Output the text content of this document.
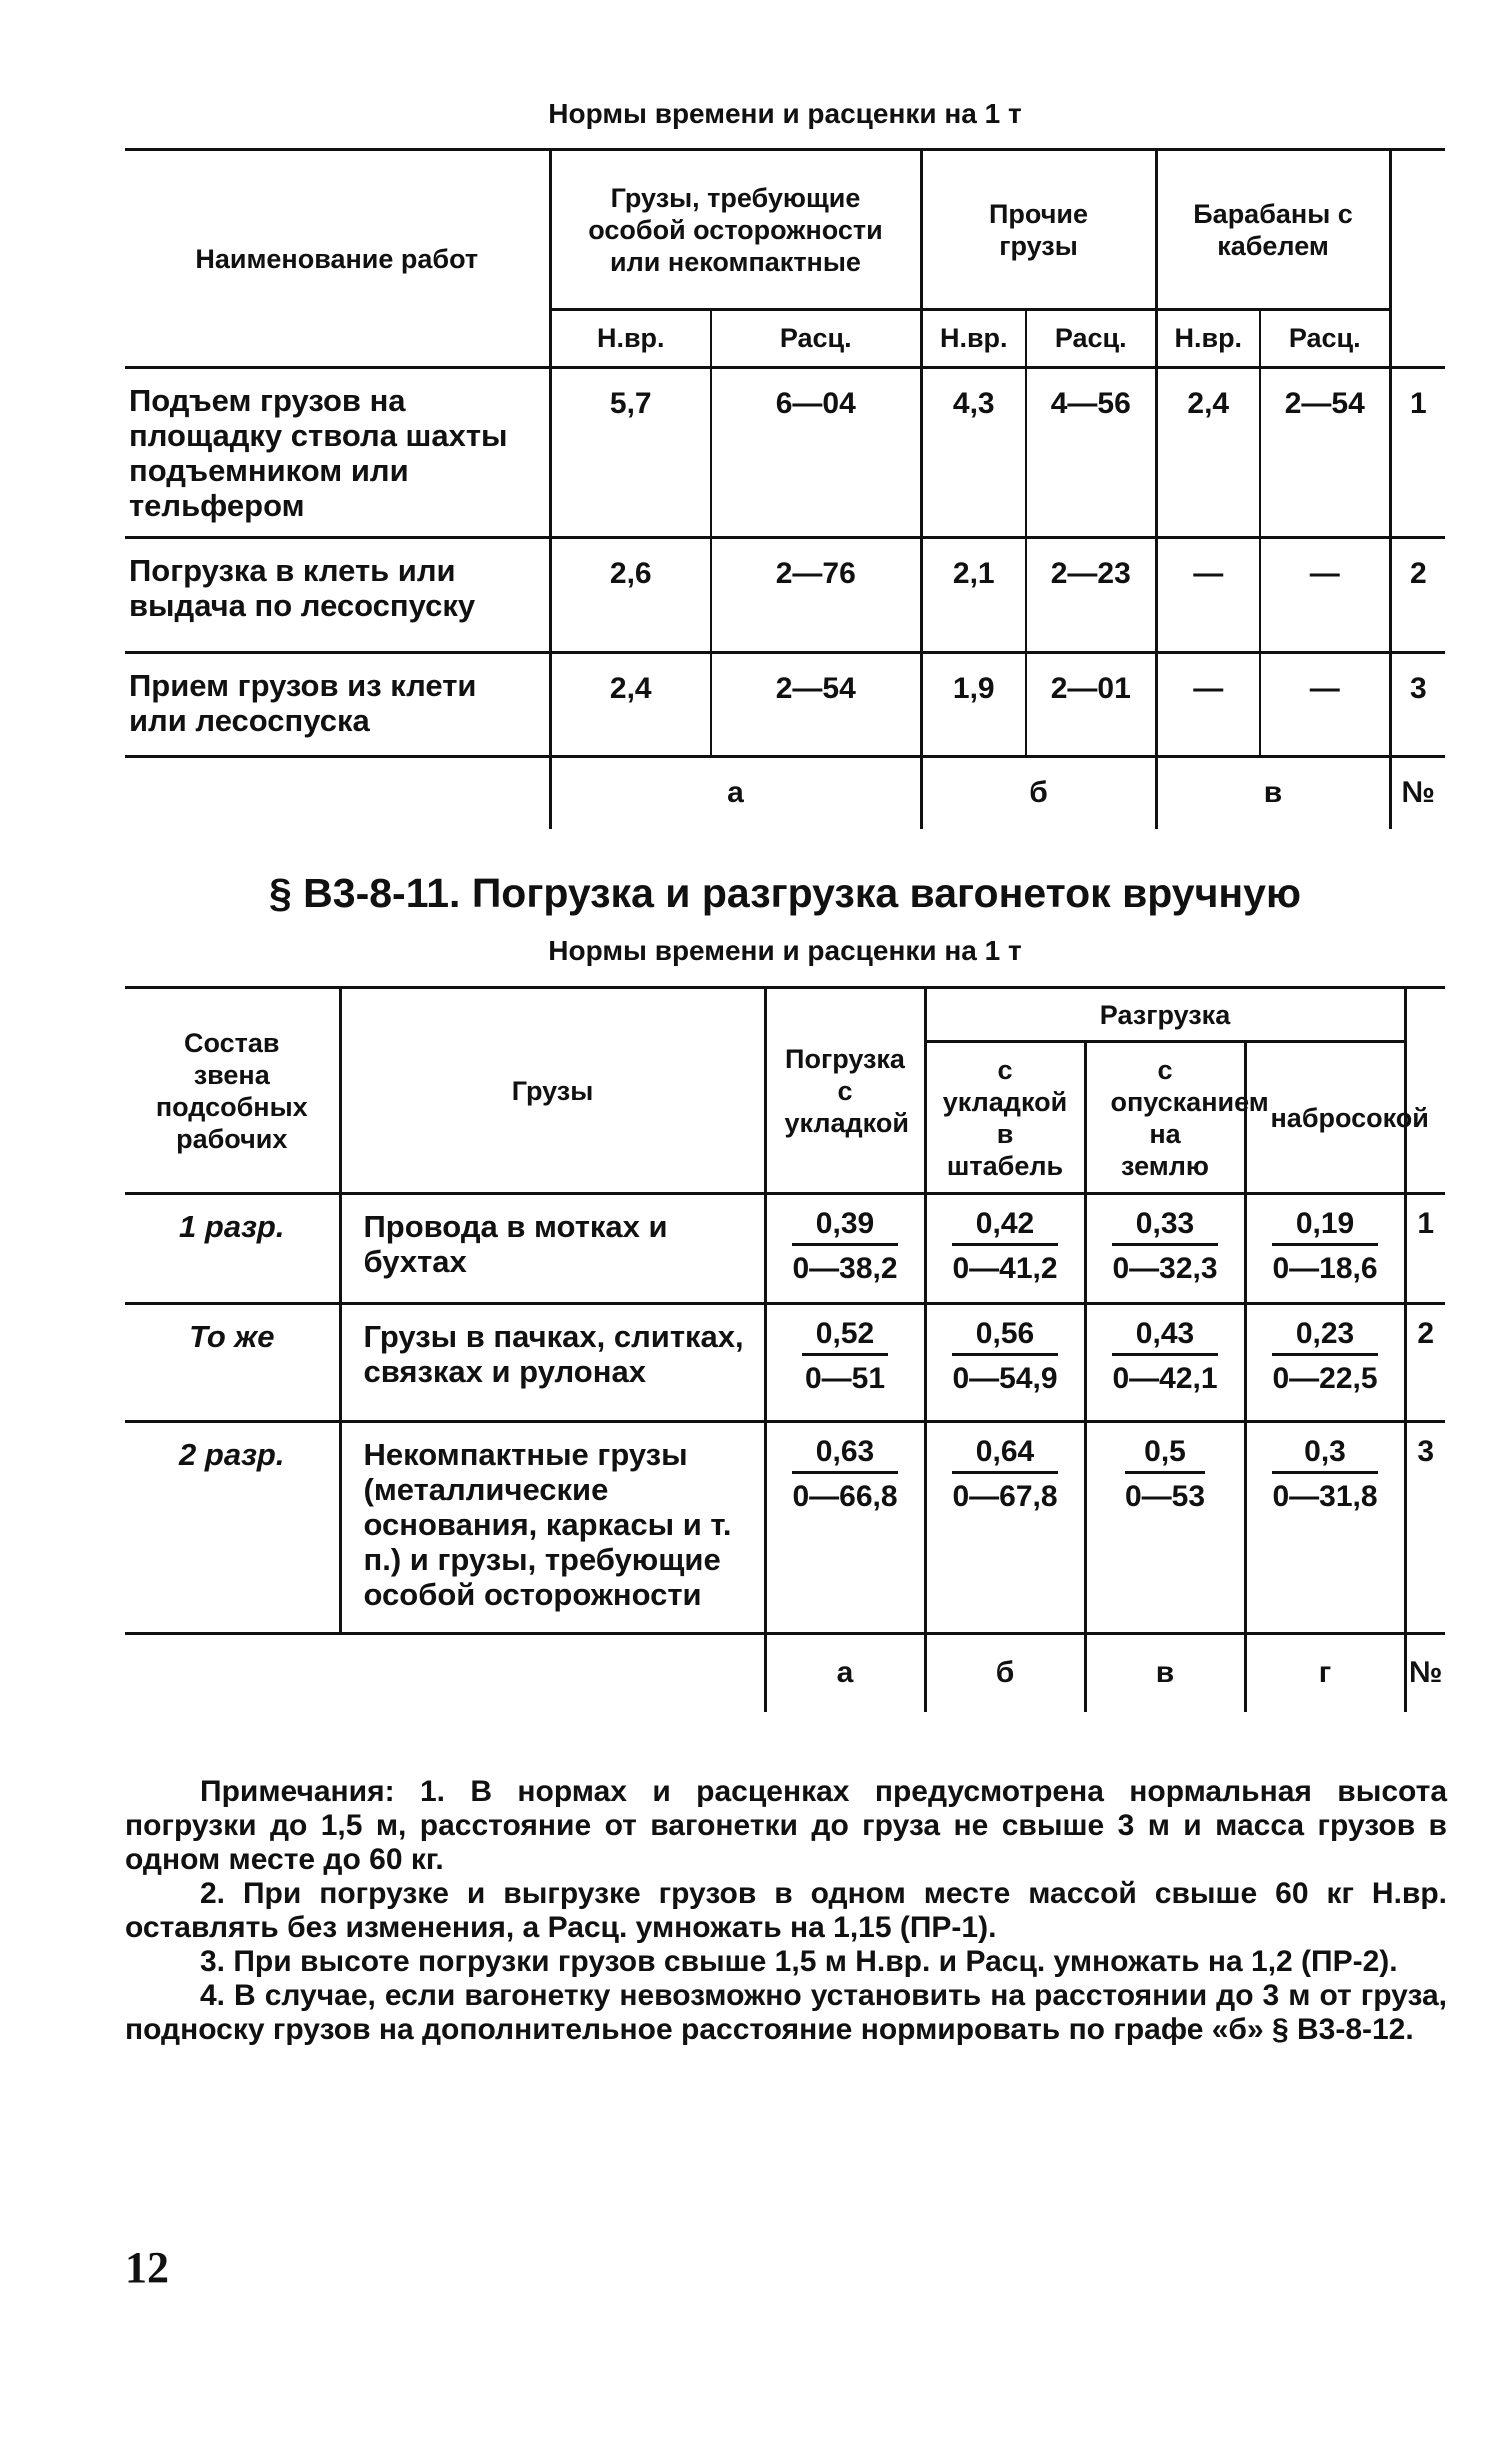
Нормы времени и расценки на 1 т
Наименование работ	Грузы, требующие особой осторожности или некомпактные		Прочие грузы		Барабаны с кабелем		
	Н.вр.	Расц.	Н.вр.	Расц.	Н.вр.	Расц.	
Подъем грузов на площадку ствола шахты подъемником или тельфером	5,7	6—04	4,3	4—56	2,4	2—54	1
Погрузка в клеть или выдача по лесоспуску	2,6	2—76	2,1	2—23	—	—	2
Прием грузов из клети или лесоспуска	2,4	2—54	1,9	2—01	—	—	3
	а		б		в		№
§ В3-8-11. Погрузка и разгрузка вагонеток вручную
Нормы времени и расценки на 1 т
Состав звена подсобных рабочих	Грузы	Погрузка с укладкой	Разгрузка			
			с укладкой в штабель	с опусканием на землю	набросокой	
1 разр.	Провода в мотках и бухтах	$\frac{0,39}{0—38,2}$	$\frac{0,42}{0—41,2}$	$\frac{0,33}{0—32,3}$	$\frac{0,19}{0—18,6}$	1
То же	Грузы в пачках, слитках, связках и рулонах	$\frac{0,52}{0—51}$	$\frac{0,56}{0—54,9}$	$\frac{0,43}{0—42,1}$	$\frac{0,23}{0—22,5}$	2
2 разр.	Некомпактные грузы (металлические основания, каркасы и т. п.) и грузы, требующие особой осторожности	$\frac{0,63}{0—66,8}$	$\frac{0,64}{0—67,8}$	$\frac{0,5}{0—53}$	$\frac{0,3}{0—31,8}$	3
		а	б	в	г	№

Примечания: 1. В нормах и расценках предусмотрена нормальная высота погрузки до 1,5 м, расстояние от вагонетки до груза не свыше 3 м и масса грузов в одном месте до 60 кг.

2. При погрузке и выгрузке грузов в одном месте массой свыше 60 кг Н.вр. оставлять без изменения, а Расц. умножать на 1,15 (ПР-1).

3. При высоте погрузки грузов свыше 1,5 м Н.вр. и Расц. умножать на 1,2 (ПР-2).

4. В случае, если вагонетку невозможно установить на расстоянии до 3 м от груза, подноску грузов на дополнительное расстояние нормировать по графе «б» § В3-8-12.

12
